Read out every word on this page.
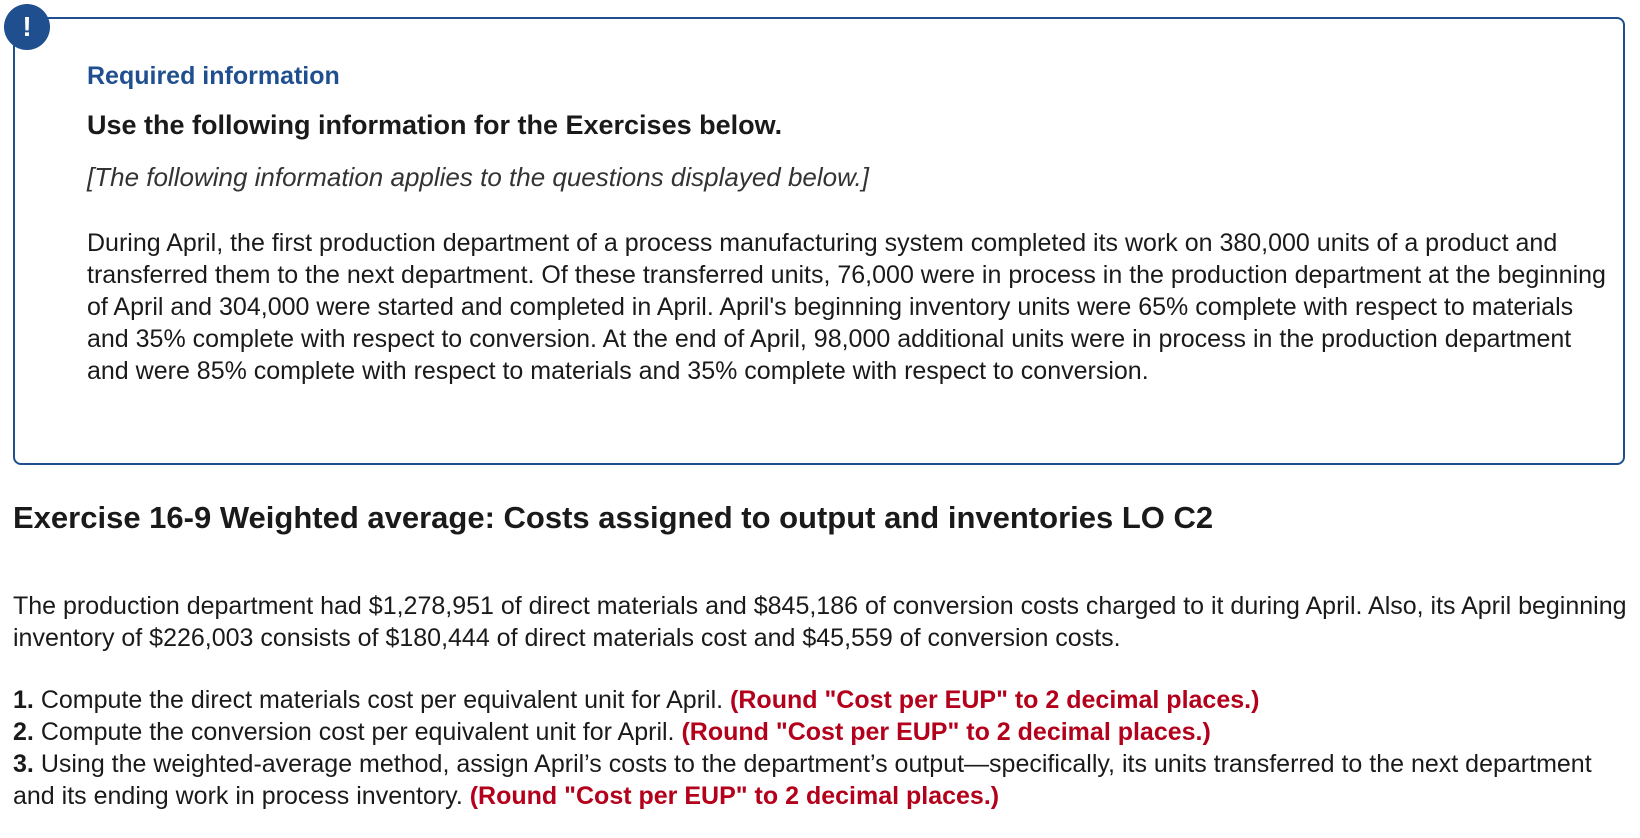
!
Required information
Use the following information for the Exercises below.
[The following information applies to the questions displayed below.]

During April, the first production department of a process manufacturing system completed its work on 380,000 units of a product and transferred them to the next department. Of these transferred units, 76,000 were in process in the production department at the beginning of April and 304,000 were started and completed in April. April's beginning inventory units were 65% complete with respect to materials and 35% complete with respect to conversion. At the end of April, 98,000 additional units were in process in the production department and were 85% complete with respect to materials and 35% complete with respect to conversion.

Exercise 16-9 Weighted average: Costs assigned to output and inventories LO C2

The production department had $1,278,951 of direct materials and $845,186 of conversion costs charged to it during April. Also, its April beginning inventory of $226,003 consists of $180,444 of direct materials cost and $45,559 of conversion costs.

1. Compute the direct materials cost per equivalent unit for April. (Round "Cost per EUP" to 2 decimal places.)
2. Compute the conversion cost per equivalent unit for April. (Round "Cost per EUP" to 2 decimal places.)
3. Using the weighted-average method, assign April’s costs to the department’s output—specifically, its units transferred to the next department and its ending work in process inventory. (Round "Cost per EUP" to 2 decimal places.)
